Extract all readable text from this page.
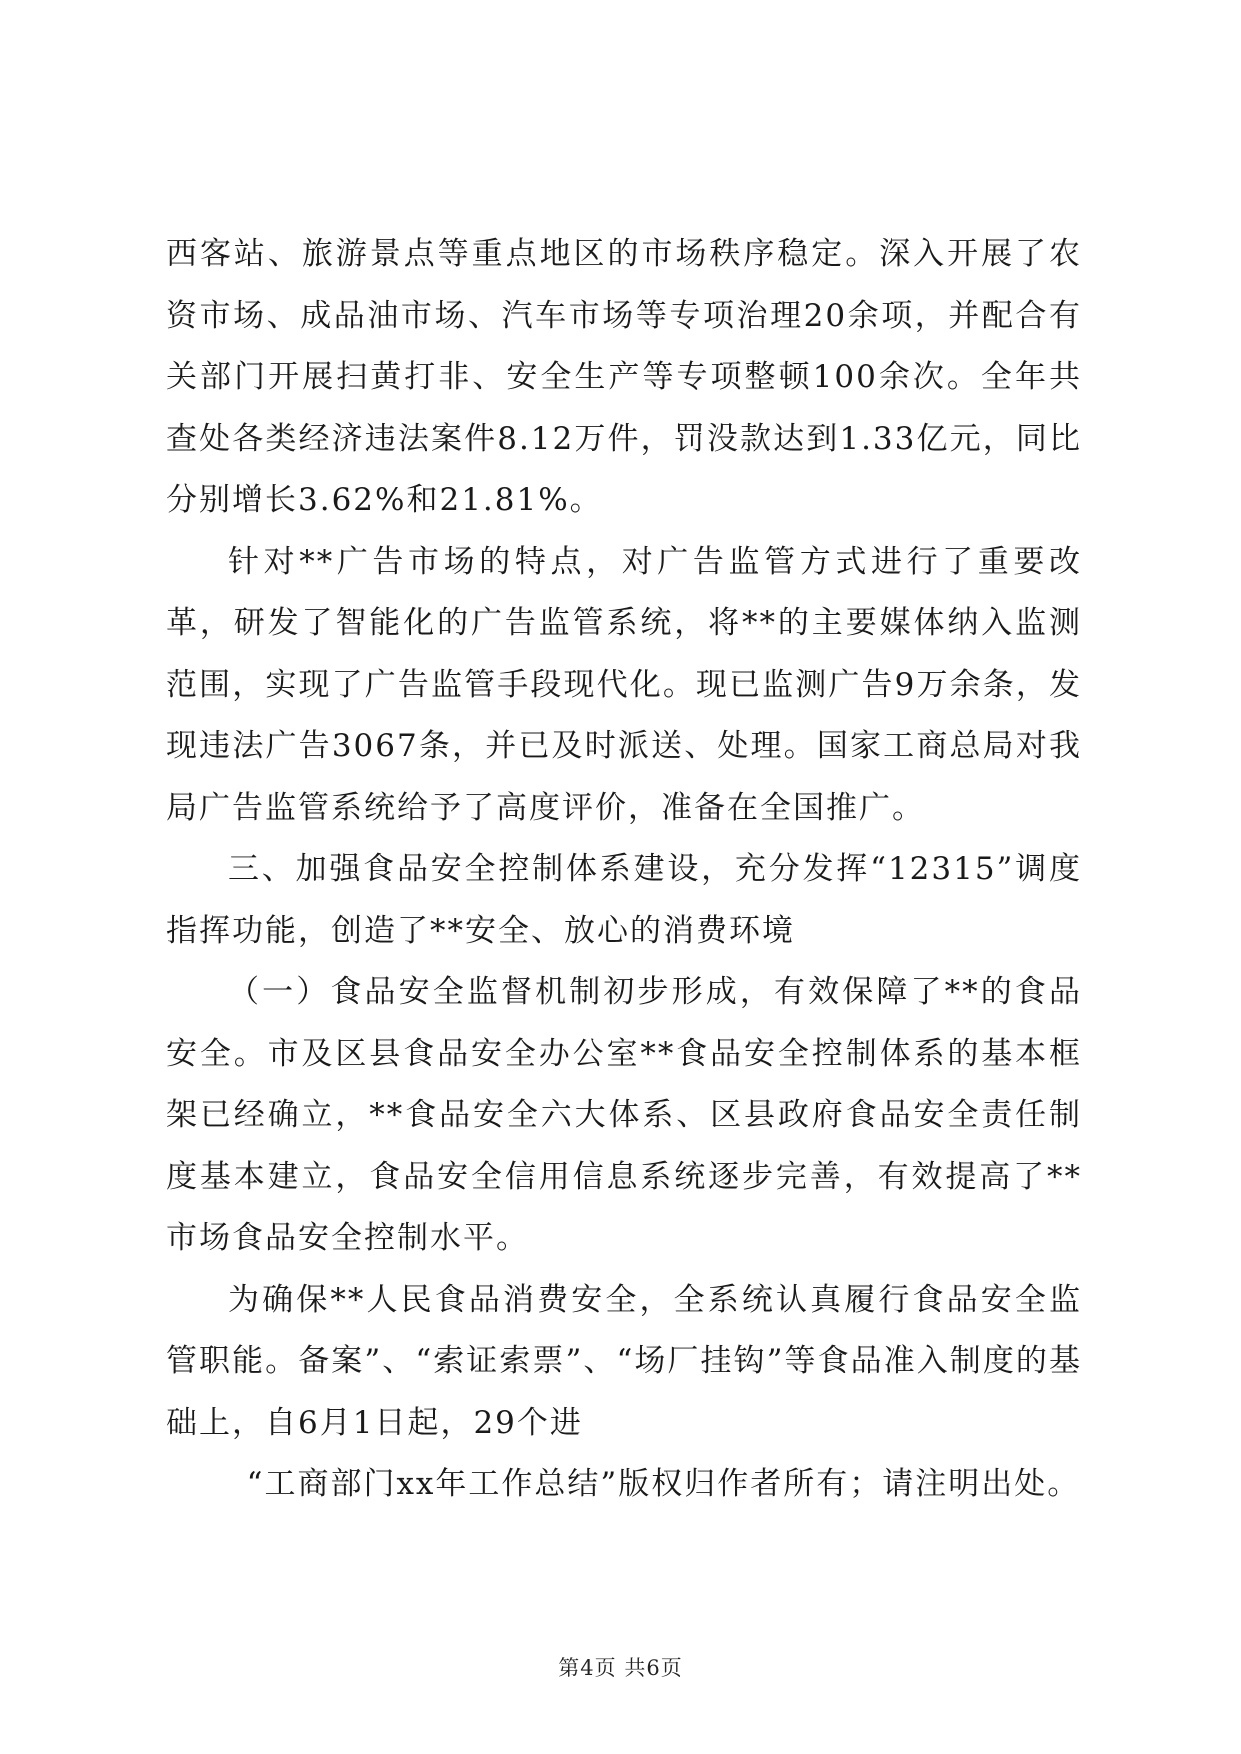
西客站、旅游景点等重点地区的市场秩序稳定。深入开展了农资市场、成品油市场、汽车市场等专项治理20余项，并配合有关部门开展扫黄打非、安全生产等专项整顿100余次。全年共查处各类经济违法案件8.12万件，罚没款达到1.33亿元，同比分别增长3.62%和21.81%。

针对**广告市场的特点，对广告监管方式进行了重要改革，研发了智能化的广告监管系统，将**的主要媒体纳入监测范围，实现了广告监管手段现代化。现已监测广告9万余条，发现违法广告3067条，并已及时派送、处理。国家工商总局对我局广告监管系统给予了高度评价，准备在全国推广。

三、加强食品安全控制体系建设，充分发挥“12315”调度指挥功能，创造了**安全、放心的消费环境

（一）食品安全监督机制初步形成，有效保障了**的食品安全。市及区县食品安全办公室**食品安全控制体系的基本框架已经确立，**食品安全六大体系、区县政府食品安全责任制度基本建立，食品安全信用信息系统逐步完善，有效提高了**市场食品安全控制水平。

为确保**人民食品消费安全，全系统认真履行食品安全监管职能。备案”、“索证索票”、“场厂挂钩”等食品准入制度的基础上，自6月1日起，29个进

“工商部门xx年工作总结”版权归作者所有；请注明出处。

第4页 共6页
